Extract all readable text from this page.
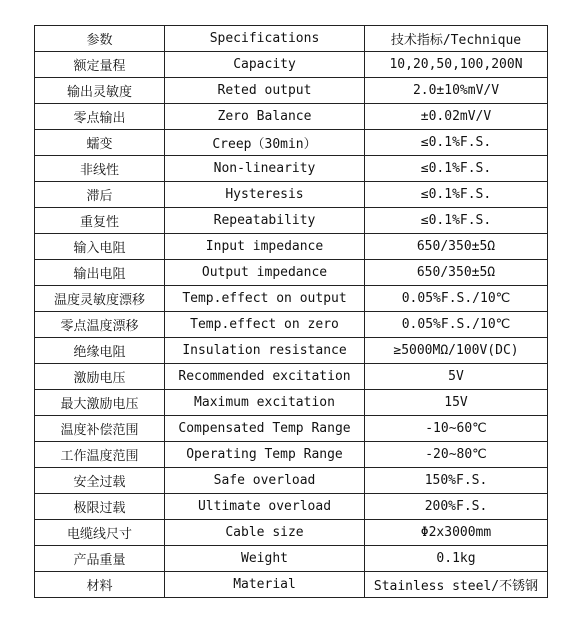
参数	Specifications	技术指标/Technique
额定量程	Capacity	10,20,50,100,200N
输出灵敏度	Reted output	2.0±10%mV/V
零点输出	Zero Balance	±0.02mV/V
蠕变	Creep（30min）	≤0.1%F.S.
非线性	Non-linearity	≤0.1%F.S.
滞后	Hysteresis	≤0.1%F.S.
重复性	Repeatability	≤0.1%F.S.
输入电阻	Input impedance	650/350±5Ω
输出电阻	Output impedance	650/350±5Ω
温度灵敏度漂移	Temp.effect on output	0.05%F.S./10℃
零点温度漂移	Temp.effect on zero	0.05%F.S./10℃
绝缘电阻	Insulation resistance	≥5000MΩ/100V(DC)
激励电压	Recommended excitation	5V
最大激励电压	Maximum excitation	15V
温度补偿范围	Compensated Temp Range	-10~60℃
工作温度范围	Operating Temp Range	-20~80℃
安全过载	Safe overload	150%F.S.
极限过载	Ultimate overload	200%F.S.
电缆线尺寸	Cable size	Φ2x3000mm
产品重量	Weight	0.1kg
材料	Material	Stainless steel/不锈钢
